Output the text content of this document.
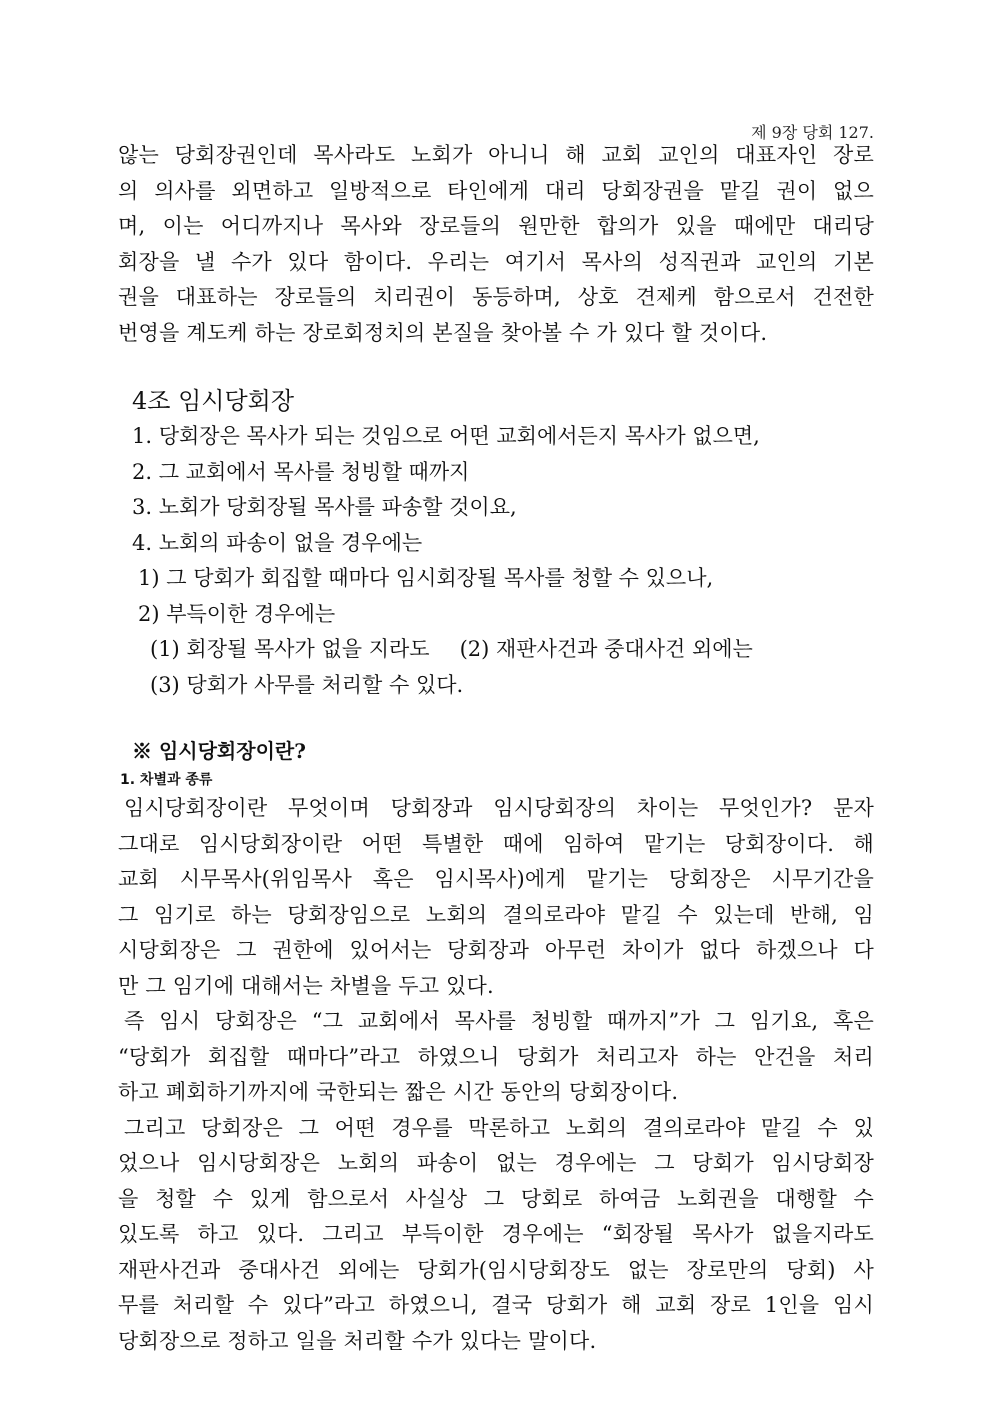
제 9장 당회 127.

않는 당회장권인데 목사라도 노회가 아니니 해 교회 교인의 대표자인 장로

의 의사를 외면하고 일방적으로 타인에게 대리 당회장권을 맡길 권이 없으

며, 이는 어디까지나 목사와 장로들의 원만한 합의가 있을 때에만 대리당

회장을 낼 수가 있다 함이다. 우리는 여기서 목사의 성직권과 교인의 기본

권을 대표하는 장로들의 치리권이 동등하며, 상호 견제케 함으로서 건전한

번영을 계도케 하는 장로회정치의 본질을 찾아볼 수 가 있다 할 것이다.

4조 임시당회장
1. 당회장은 목사가 되는 것임으로 어떤 교회에서든지 목사가 없으면,
2. 그 교회에서 목사를 청빙할 때까지
3. 노회가 당회장될 목사를 파송할 것이요,
4. 노회의 파송이 없을 경우에는
1) 그 당회가 회집할 때마다 임시회장될 목사를 청할 수 있으나,
2) 부득이한 경우에는
(1) 회장될 목사가 없을 지라도 (2) 재판사건과 중대사건 외에는
(3) 당회가 사무를 처리할 수 있다.
※ 임시당회장이란?
1. 차별과 종류

임시당회장이란 무엇이며 당회장과 임시당회장의 차이는 무엇인가? 문자

그대로 임시당회장이란 어떤 특별한 때에 임하여 맡기는 당회장이다. 해

교회 시무목사(위임목사 혹은 임시목사)에게 맡기는 당회장은 시무기간을

그 임기로 하는 당회장임으로 노회의 결의로라야 맡길 수 있는데 반해, 임

시당회장은 그 권한에 있어서는 당회장과 아무런 차이가 없다 하겠으나 다

만 그 임기에 대해서는 차별을 두고 있다.

즉 임시 당회장은 “그 교회에서 목사를 청빙할 때까지”가 그 임기요, 혹은

“당회가 회집할 때마다”라고 하였으니 당회가 처리고자 하는 안건을 처리

하고 폐회하기까지에 국한되는 짧은 시간 동안의 당회장이다.

그리고 당회장은 그 어떤 경우를 막론하고 노회의 결의로라야 맡길 수 있

었으나 임시당회장은 노회의 파송이 없는 경우에는 그 당회가 임시당회장

을 청할 수 있게 함으로서 사실상 그 당회로 하여금 노회권을 대행할 수

있도록 하고 있다. 그리고 부득이한 경우에는 “회장될 목사가 없을지라도

재판사건과 중대사건 외에는 당회가(임시당회장도 없는 장로만의 당회) 사

무를 처리할 수 있다”라고 하였으니, 결국 당회가 해 교회 장로 1인을 임시

당회장으로 정하고 일을 처리할 수가 있다는 말이다.
